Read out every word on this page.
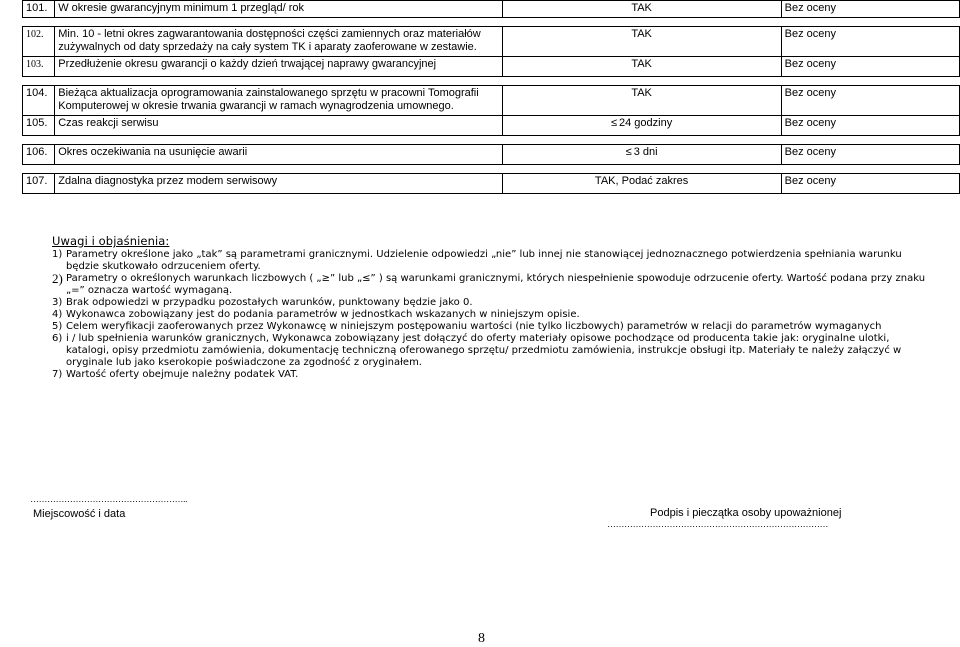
101.	W okresie gwarancyjnym minimum 1 przegląd/ rok	TAK	Bez oceny

102.	Min. 10 - letni okres zagwarantowania dostępności części zamiennych oraz materiałów zużywalnych od daty sprzedaży na cały system TK i aparaty zaoferowane w zestawie.	TAK	Bez oceny
103.	Przedłużenie okresu gwarancji o każdy dzień trwającej naprawy gwarancyjnej	TAK	Bez oceny

104.	Bieżąca aktualizacja oprogramowania zainstalowanego sprzętu w pracowni Tomografii Komputerowej w okresie trwania gwarancji w ramach wynagrodzenia umownego.	TAK	Bez oceny
105.	Czas reakcji serwisu	≤ 24 godziny	Bez oceny

106.	Okres oczekiwania na usunięcie awarii	≤ 3 dni	Bez oceny

107.	Zdalna diagnostyka przez modem serwisowy	TAK, Podać zakres	Bez oceny
Uwagi i objaśnienia:
1) Parametry określone jako „tak” są parametrami granicznymi. Udzielenie odpowiedzi „nie” lub innej nie stanowiącej jednoznacznego potwierdzenia spełniania warunku będzie skutkowało odrzuceniem oferty.
2) Parametry o określonych warunkach liczbowych ( „≥” lub „≤” ) są warunkami granicznymi, których niespełnienie spowoduje odrzucenie oferty. Wartość podana przy znaku „=” oznacza wartość wymaganą.
3) Brak odpowiedzi w przypadku pozostałych warunków, punktowany będzie jako 0.
4) Wykonawca zobowiązany jest do podania parametrów w jednostkach wskazanych w niniejszym opisie.
5) Celem weryfikacji zaoferowanych przez Wykonawcę w niniejszym postępowaniu wartości (nie tylko liczbowych) parametrów w relacji do parametrów wymaganych
6) i / lub spełnienia warunków granicznych, Wykonawca zobowiązany jest dołączyć do oferty materiały opisowe pochodzące od producenta takie jak: oryginalne ulotki, katalogi, opisy przedmiotu zamówienia, dokumentację techniczną oferowanego sprzętu/ przedmiotu zamówienia, instrukcje obsługi itp. Materiały te należy załączyć w oryginale lub jako kserokopie poświadczone za zgodność z oryginałem.
7) Wartość oferty obejmuje należny podatek VAT.
………………………………………………..
Miejscowość i data	Podpis i pieczątka osoby upoważnionej
……………………………………………………………………
8
